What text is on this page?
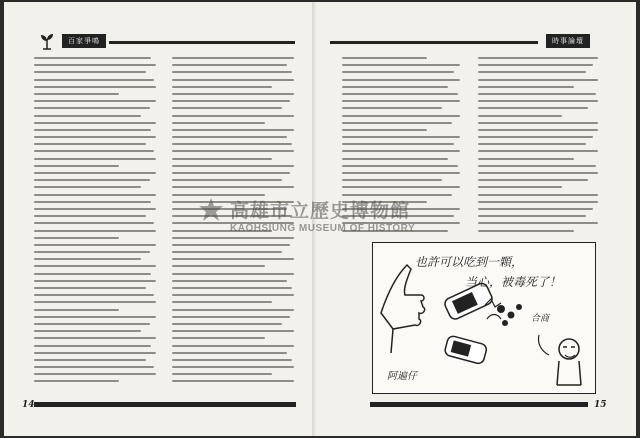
百家爭鳴
14
時事論壇
也許可以吃到一顆，
当心，被毒死了！
合商
阿遍仔
15
高雄市立歷史博物館
KAOHSIUNG MUSEUM OF HISTORY
